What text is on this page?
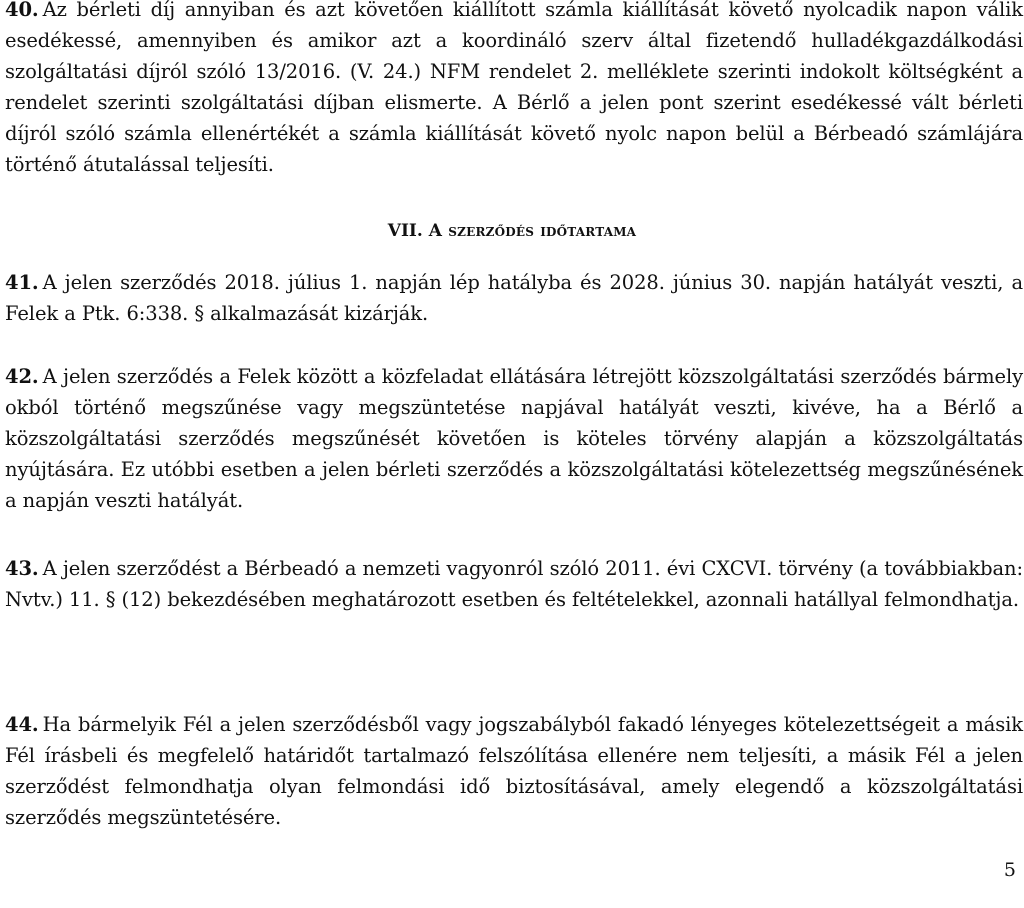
40. Az bérleti díj annyiban és azt követően kiállított számla kiállítását követő nyolcadik napon válik esedékessé, amennyiben és amikor azt a koordináló szerv által fizetendő hulladékgazdálkodási szolgáltatási díjról szóló 13/2016. (V. 24.) NFM rendelet 2. melléklete szerinti indokolt költségként a rendelet szerinti szolgáltatási díjban elismerte. A Bérlő a jelen pont szerint esedékessé vált bérleti díjról szóló számla ellenértékét a számla kiállítását követő nyolc napon belül a Bérbeadó számlájára történő átutalással teljesíti.

VII. A szerződés időtartama

41. A jelen szerződés 2018. július 1. napján lép hatályba és 2028. június 30. napján hatályát veszti, a Felek a Ptk. 6:338. § alkalmazását kizárják.

42. A jelen szerződés a Felek között a közfeladat ellátására létrejött közszolgáltatási szerződés bármely okból történő megszűnése vagy megszüntetése napjával hatályát veszti, kivéve, ha a Bérlő a közszolgáltatási szerződés megszűnését követően is köteles törvény alapján a közszolgáltatás nyújtására. Ez utóbbi esetben a jelen bérleti szerződés a közszolgáltatási kötelezettség megszűnésének a napján veszti hatályát.

43. A jelen szerződést a Bérbeadó a nemzeti vagyonról szóló 2011. évi CXCVI. törvény (a továbbiakban: Nvtv.) 11. § (12) bekezdésében meghatározott esetben és feltételekkel, azonnali hatállyal felmondhatja.

44. Ha bármelyik Fél a jelen szerződésből vagy jogszabályból fakadó lényeges kötelezettségeit a másik Fél írásbeli és megfelelő határidőt tartalmazó felszólítása ellenére nem teljesíti, a másik Fél a jelen szerződést felmondhatja olyan felmondási idő biztosításával, amely elegendő a közszolgáltatási szerződés megszüntetésére.

5
